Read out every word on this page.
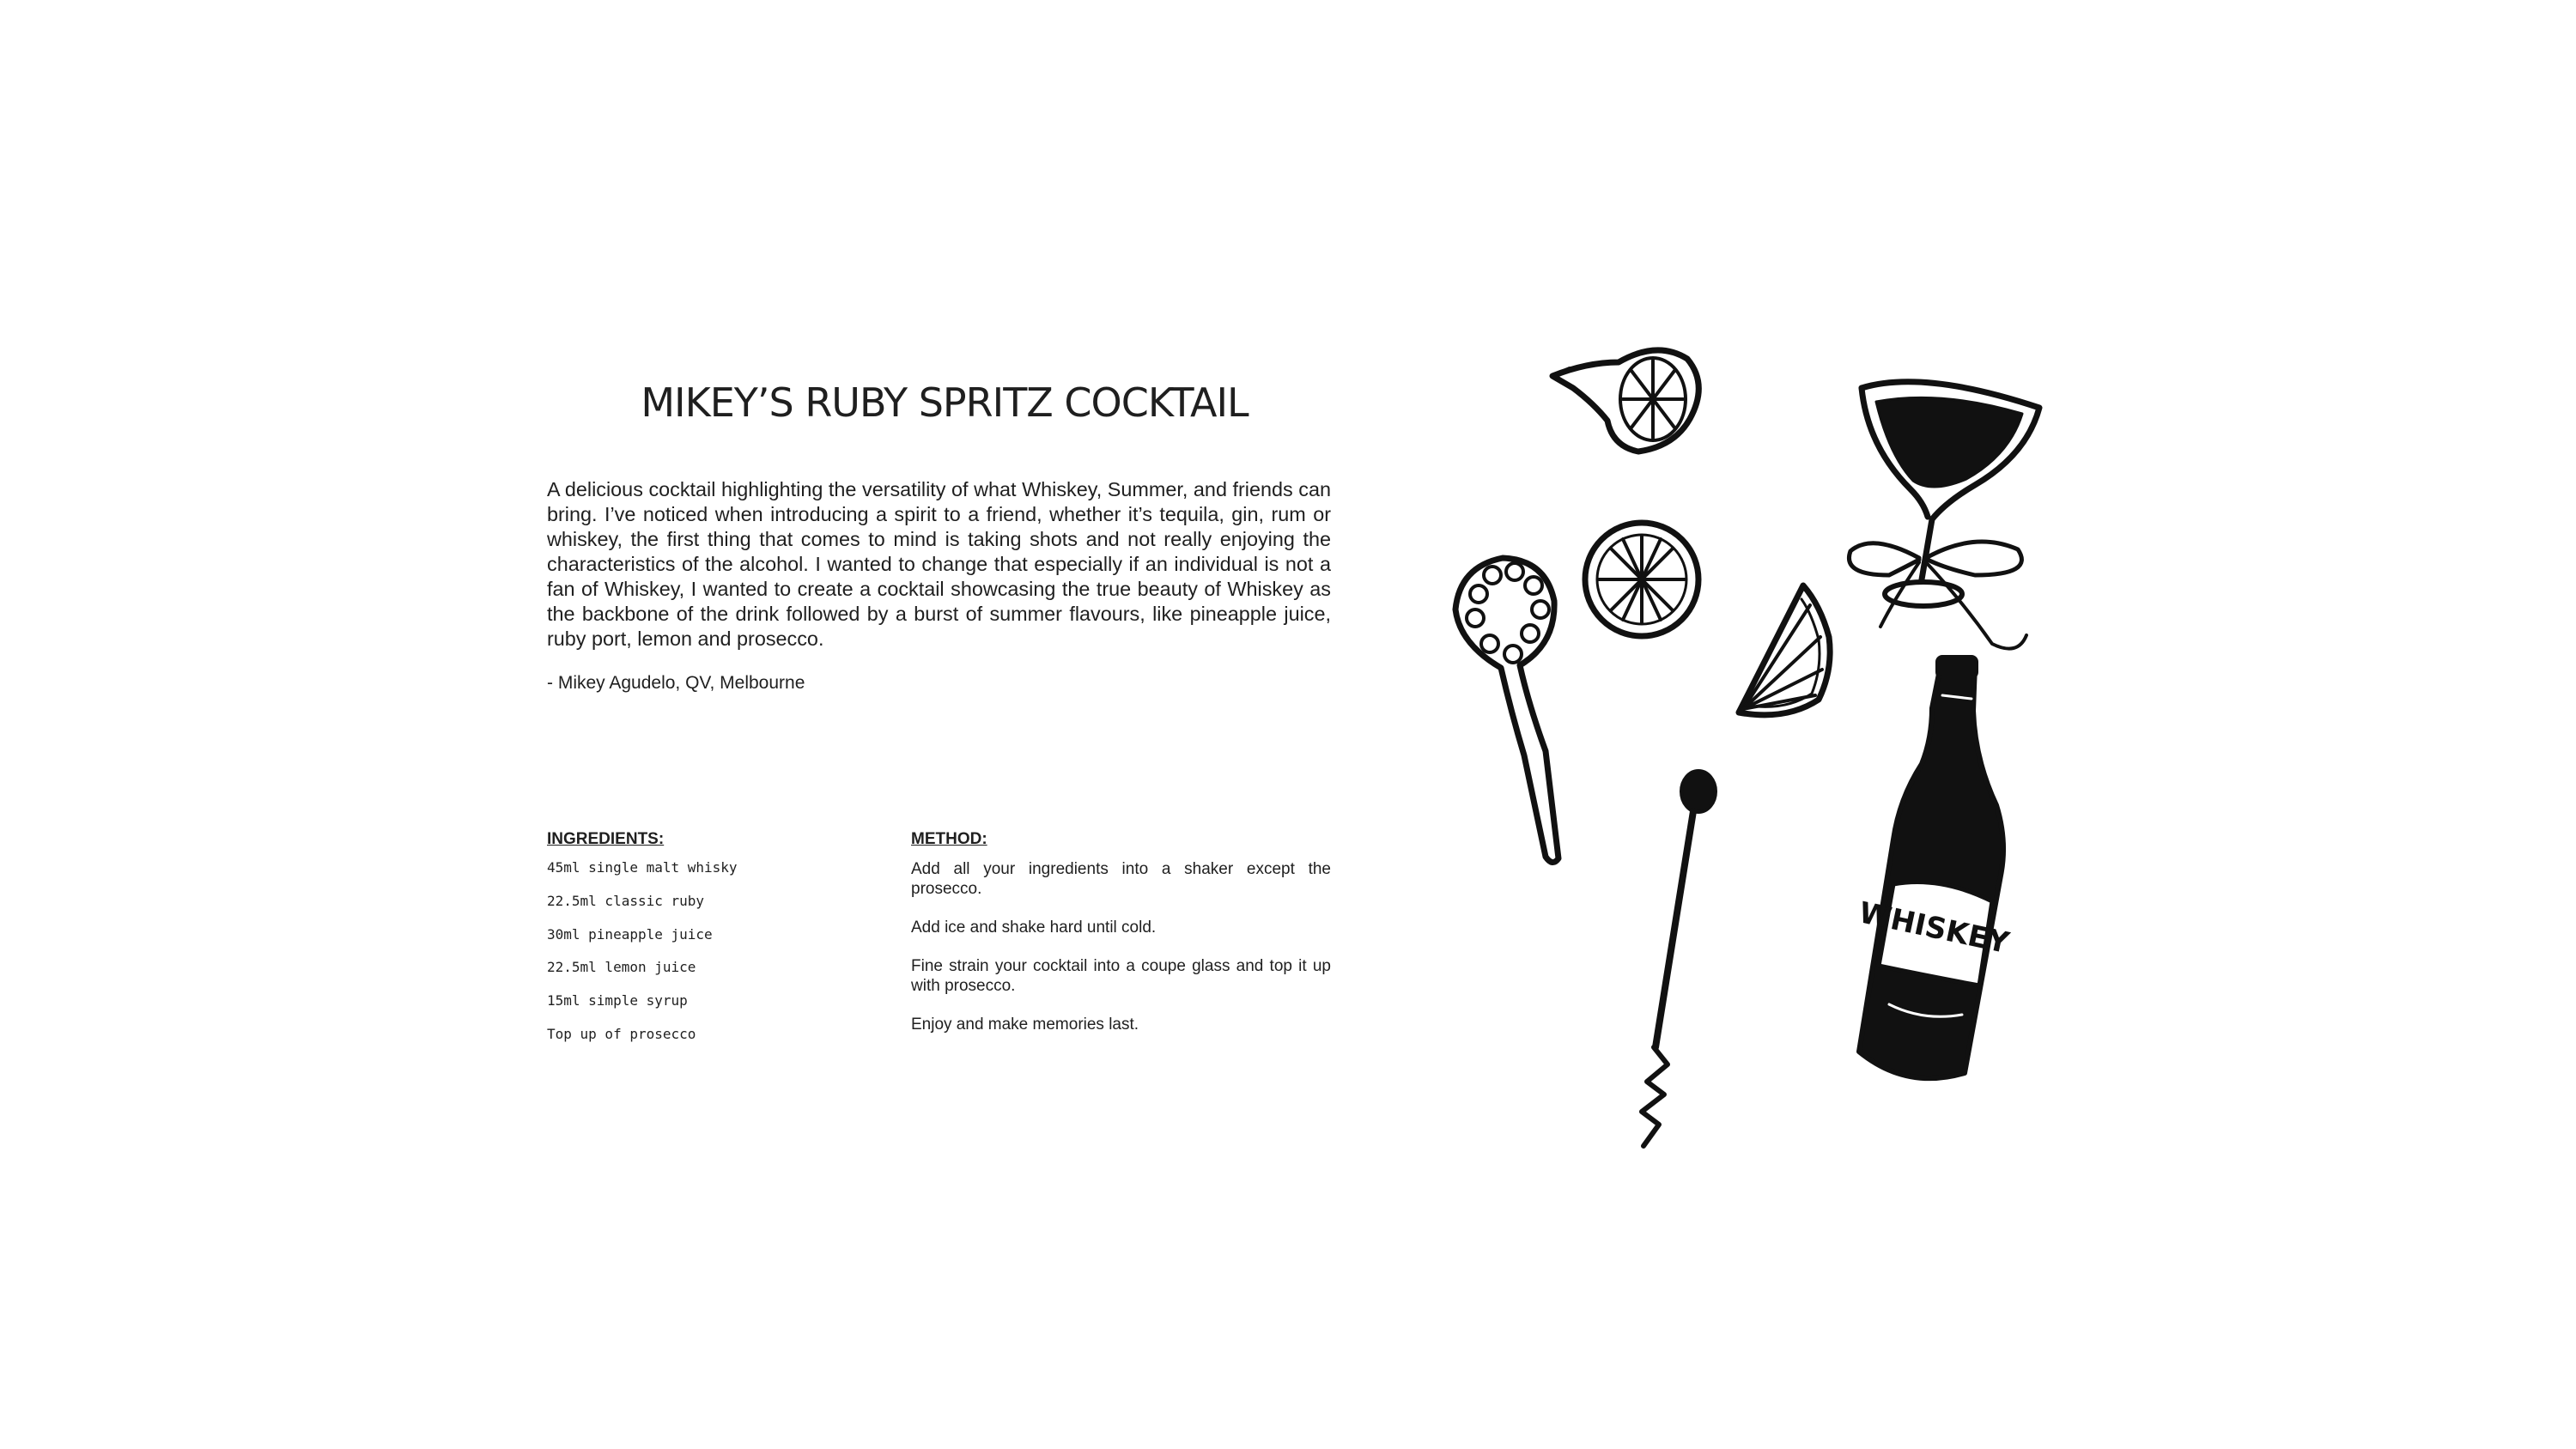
MIKEY’S RUBY SPRITZ COCKTAIL

A delicious cocktail highlighting the versatility of what Whiskey, Summer, and friends can bring. I’ve noticed when introducing a spirit to a friend, whether it’s tequila, gin, rum or whiskey, the first thing that comes to mind is taking shots and not really enjoying the characteristics of the alcohol. I wanted to change that especially if an individual is not a fan of Whiskey, I wanted to create a cocktail showcasing the true beauty of Whiskey as the backbone of the drink followed by a burst of summer flavours, like pineapple juice, ruby port, lemon and prosecco.

- Mikey Agudelo, QV, Melbourne

INGREDIENTS:
45ml single malt whisky
22.5ml classic ruby
30ml pineapple juice
22.5ml lemon juice
15ml simple syrup
Top up of prosecco
METHOD:
Add all your ingredients into a shaker except the prosecco.
Add ice and shake hard until cold.
Fine strain your cocktail into a coupe glass and top it up with prosecco.
Enjoy and make memories last.
WHISKEY
